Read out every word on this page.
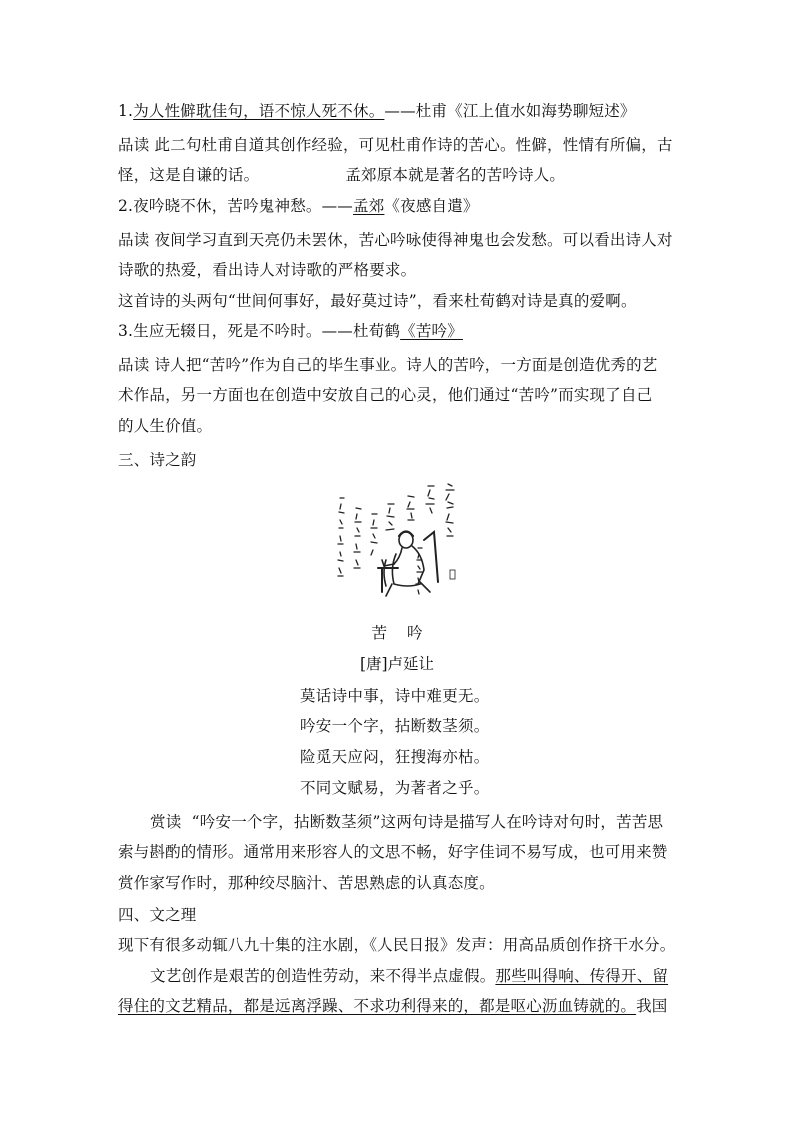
1.为人性僻耽佳句，语不惊人死不休。——杜甫《江上值水如海势聊短述》
品读 此二句杜甫自道其创作经验，可见杜甫作诗的苦心。性僻，性情有所偏，古
怪，这是自谦的话。	孟郊原本就是著名的苦吟诗人。
2.夜吟晓不休，苦吟鬼神愁。——孟郊《夜感自遣》
品读 夜间学习直到天亮仍未罢休，苦心吟咏使得神鬼也会发愁。可以看出诗人对
诗歌的热爱，看出诗人对诗歌的严格要求。
这首诗的头两句“世间何事好，最好莫过诗”，看来杜荀鹤对诗是真的爱啊。
3.生应无辍日，死是不吟时。——杜荀鹤《苦吟》
品读 诗人把“苦吟”作为自己的毕生事业。诗人的苦吟，一方面是创造优秀的艺
术作品，另一方面也在创造中安放自己的心灵，他们通过“苦吟”而实现了自己
的人生价值。
三、诗之韵
苦 吟
[唐]卢延让
莫话诗中事，诗中难更无。
吟安一个字，拈断数茎须。
险觅天应闷，狂搜海亦枯。
不同文赋易，为著者之乎。
赏读 “吟安一个字，拈断数茎须”这两句诗是描写人在吟诗对句时，苦苦思
索与斟酌的情形。通常用来形容人的文思不畅，好字佳词不易写成，也可用来赞
赏作家写作时，那种绞尽脑汁、苦思熟虑的认真态度。
四、文之理
现下有很多动辄八九十集的注水剧，《人民日报》发声：用高品质创作挤干水分。
文艺创作是艰苦的创造性劳动，来不得半点虚假。那些叫得响、传得开、留
得住的文艺精品，都是远离浮躁、不求功利得来的，都是呕心沥血铸就的。我国
